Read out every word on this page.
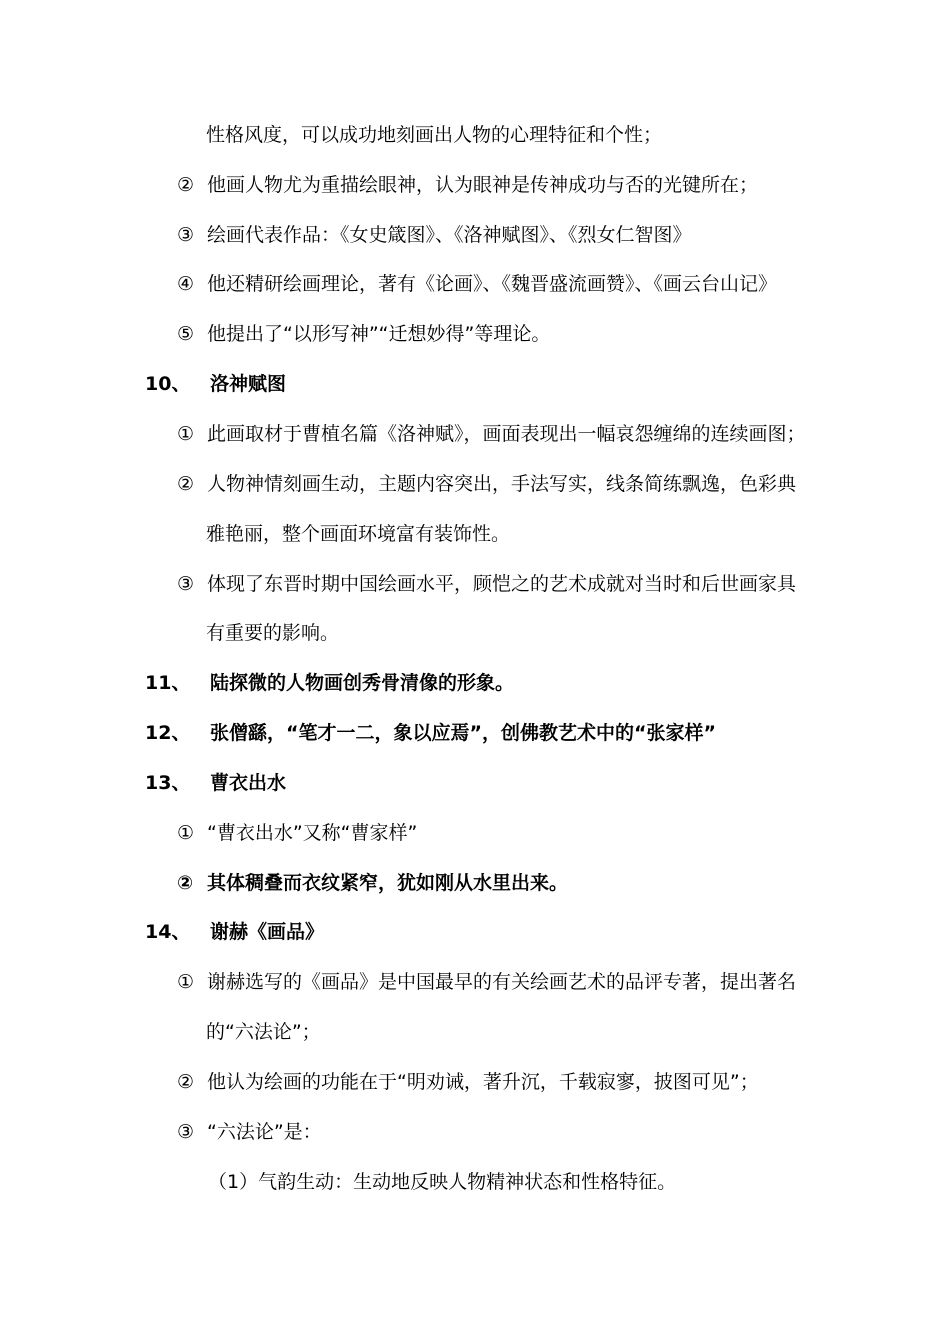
性格风度，可以成功地刻画出人物的心理特征和个性；
② 他画人物尤为重描绘眼神，认为眼神是传神成功与否的光键所在；
③ 绘画代表作品：《女史箴图》、《洛神赋图》、《烈女仁智图》
④ 他还精研绘画理论，著有《论画》、《魏晋盛流画赞》、《画云台山记》
⑤ 他提出了“以形写神”“迁想妙得”等理论。
10、 洛神赋图
① 此画取材于曹植名篇《洛神赋》，画面表现出一幅哀怨缠绵的连续画图；
② 人物神情刻画生动，主题内容突出，手法写实，线条简练飘逸，色彩典
雅艳丽，整个画面环境富有装饰性。
③ 体现了东晋时期中国绘画水平，顾恺之的艺术成就对当时和后世画家具
有重要的影响。
11、 陆探微的人物画创秀骨清像的形象。
12、 张僧繇，“笔才一二，象以应焉”，创佛教艺术中的“张家样”
13、 曹衣出水
① “曹衣出水”又称“曹家样”
② 其体稠叠而衣纹紧窄，犹如刚从水里出来。
14、 谢赫《画品》
① 谢赫选写的《画品》是中国最早的有关绘画艺术的品评专著，提出著名
的“六法论”；
② 他认为绘画的功能在于“明劝诫，著升沉，千载寂寥，披图可见”；
③ “六法论”是：
（1）气韵生动：生动地反映人物精神状态和性格特征。
